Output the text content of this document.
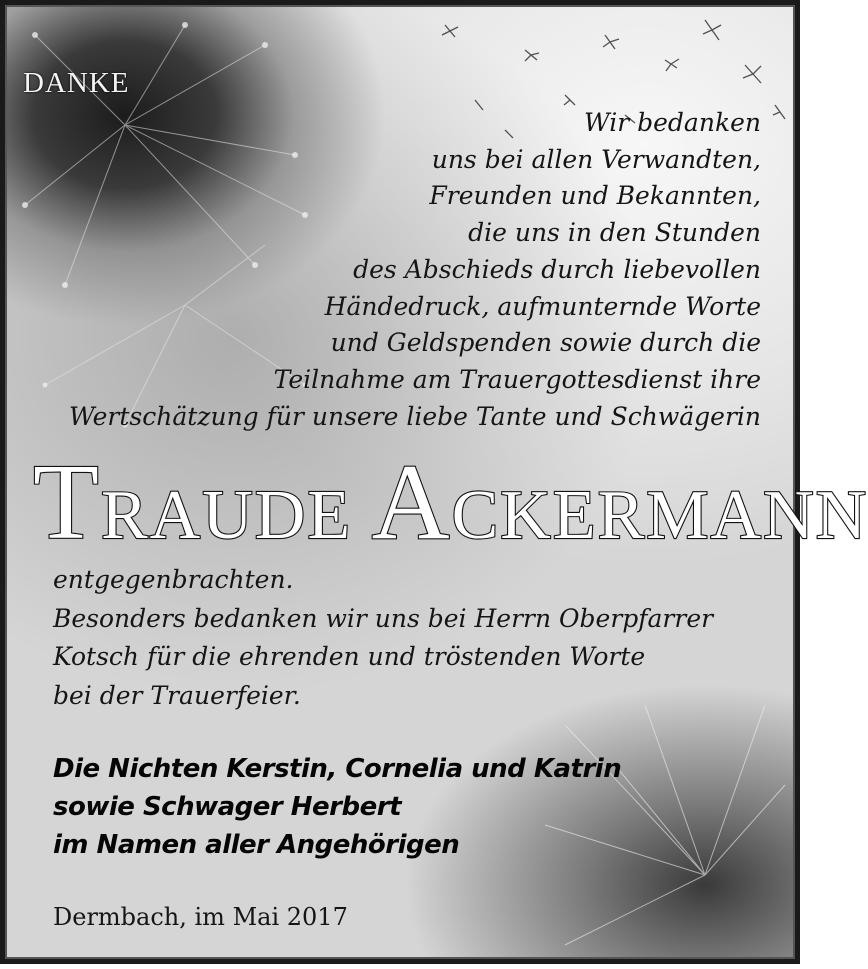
DANKE
Wir bedanken
uns bei allen Verwandten,
Freunden und Bekannten,
die uns in den Stunden
des Abschieds durch liebevollen
Händedruck, aufmunternde Worte
und Geldspenden sowie durch die
Teilnahme am Trauergottesdienst ihre
Wertschätzung für unsere liebe Tante und Schwägerin
TRAUDE ACKERMANN
entgegenbrachten.
Besonders bedanken wir uns bei Herrn Oberpfarrer
Kotsch für die ehrenden und tröstenden Worte
bei der Trauerfeier.
Die Nichten Kerstin, Cornelia und Katrin
sowie Schwager Herbert
im Namen aller Angehörigen
Dermbach, im Mai 2017
